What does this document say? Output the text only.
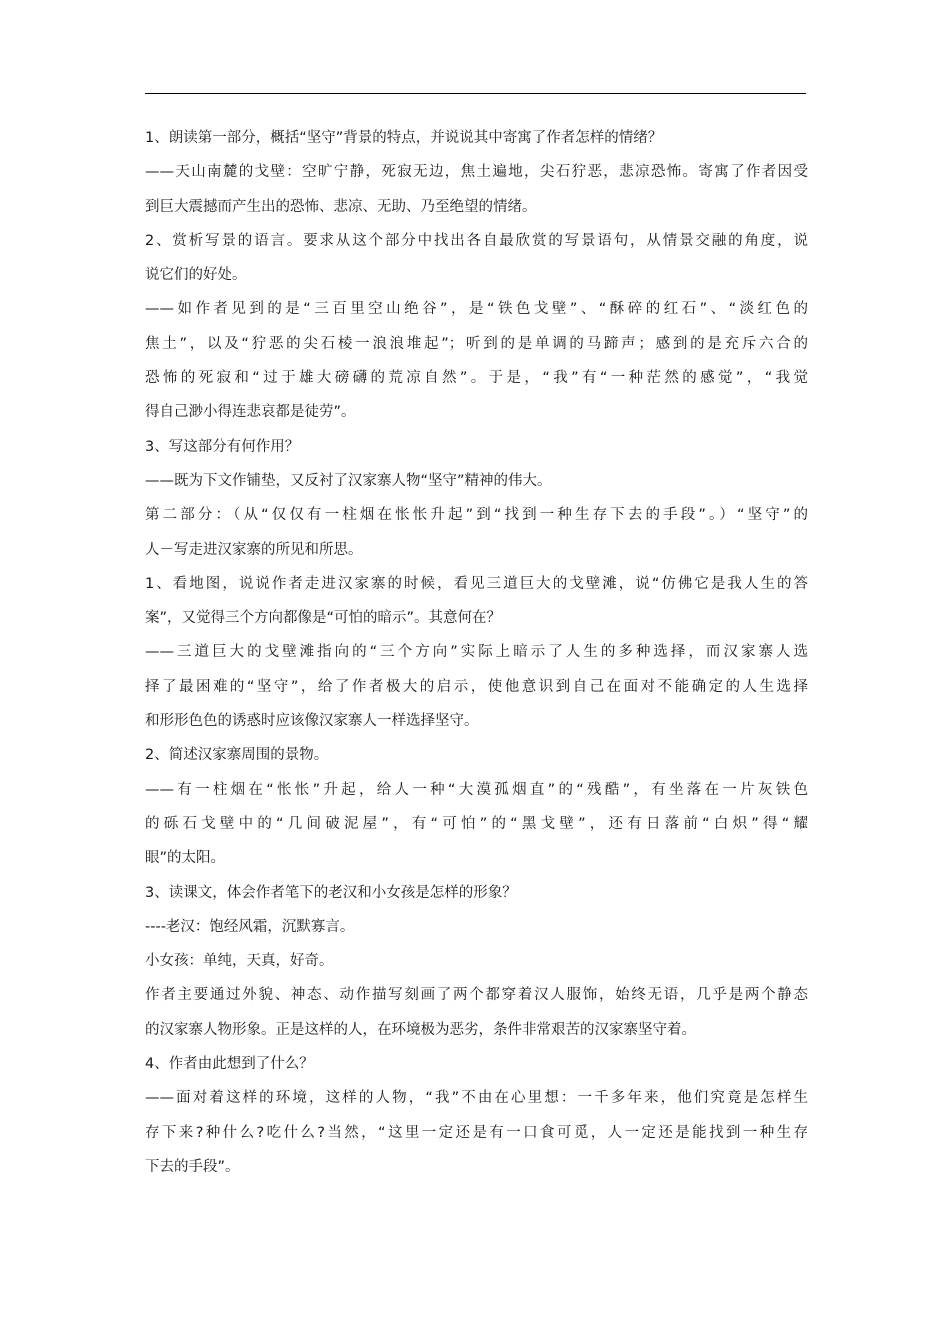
1、朗读第一部分，概括“坚守”背景的特点，并说说其中寄寓了作者怎样的情绪？
——天山南麓的戈壁：空旷宁静，死寂无边，焦土遍地，尖石狞恶，悲凉恐怖。寄寓了作者因受
到巨大震撼而产生出的恐怖、悲凉、无助、乃至绝望的情绪。
2、赏析写景的语言。要求从这个部分中找出各自最欣赏的写景语句，从情景交融的角度，说
说它们的好处。
——如作者见到的是“三百里空山绝谷”，是“铁色戈壁”、“酥碎的红石”、“淡红色的
焦土”，以及“狞恶的尖石棱一浪浪堆起”；听到的是单调的马蹄声；感到的是充斥六合的
恐怖的死寂和“过于雄大磅礴的荒凉自然”。于是，“我”有“一种茫然的感觉”，“我觉
得自己渺小得连悲哀都是徒劳”。
3、写这部分有何作用？
——既为下文作铺垫，又反衬了汉家寨人物“坚守”精神的伟大。
第二部分：（从“仅仅有一柱烟在怅怅升起”到“找到一种生存下去的手段”。）“坚守”的
人－写走进汉家寨的所见和所思。
1、看地图，说说作者走进汉家寨的时候，看见三道巨大的戈壁滩，说“仿佛它是我人生的答
案”，又觉得三个方向都像是“可怕的暗示”。其意何在？
——三道巨大的戈壁滩指向的“三个方向”实际上暗示了人生的多种选择，而汉家寨人选
择了最困难的“坚守”，给了作者极大的启示，使他意识到自己在面对不能确定的人生选择
和形形色色的诱惑时应该像汉家寨人一样选择坚守。
2、简述汉家寨周围的景物。
——有一柱烟在“怅怅”升起，给人一种“大漠孤烟直”的“残酷”，有坐落在一片灰铁色
的砾石戈壁中的“几间破泥屋”，有“可怕”的“黑戈壁”，还有日落前“白炽”得“耀
眼”的太阳。
3、读课文，体会作者笔下的老汉和小女孩是怎样的形象？
----老汉：饱经风霜，沉默寡言。
小女孩：单纯，天真，好奇。
作者主要通过外貌、神态、动作描写刻画了两个都穿着汉人服饰，始终无语，几乎是两个静态
的汉家寨人物形象。正是这样的人，在环境极为恶劣，条件非常艰苦的汉家寨坚守着。
4、作者由此想到了什么？
——面对着这样的环境，这样的人物，“我”不由在心里想：一千多年来，他们究竟是怎样生
存下来?种什么?吃什么?当然，“这里一定还是有一口食可觅，人一定还是能找到一种生存
下去的手段”。
